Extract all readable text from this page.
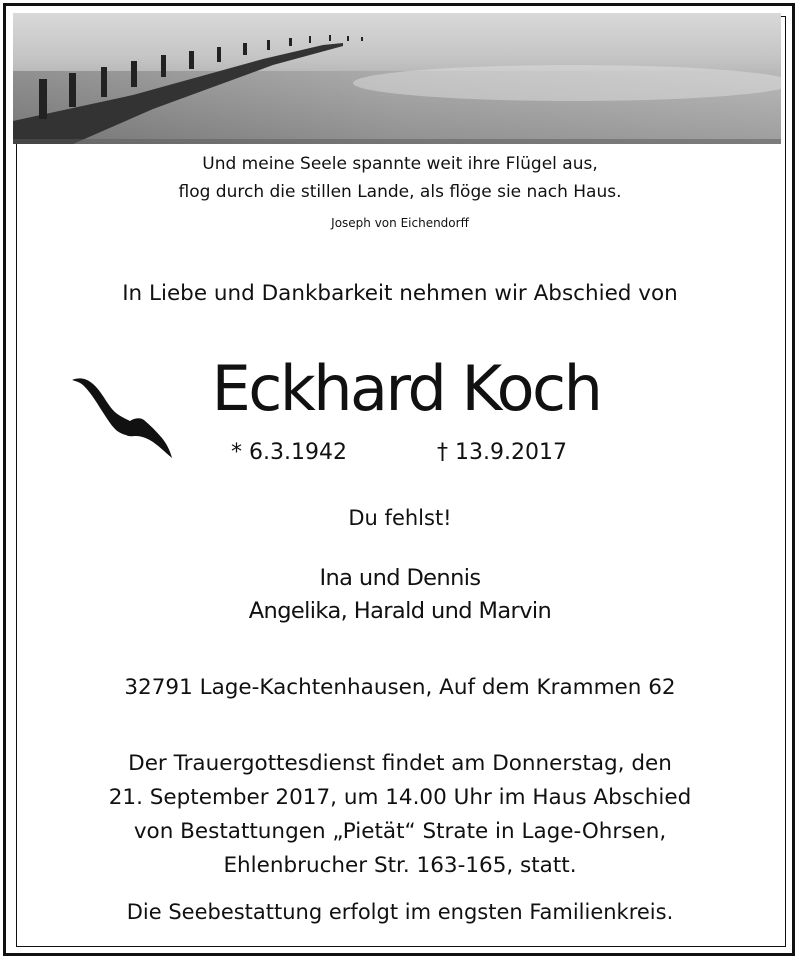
Und meine Seele spannte weit ihre Flügel aus,
flog durch die stillen Lande, als flöge sie nach Haus.
Joseph von Eichendorff
In Liebe und Dankbarkeit nehmen wir Abschied von
Eckhard Koch
* 6.3.1942	† 13.9.2017
Du fehlst!
Ina und Dennis
Angelika, Harald und Marvin
32791 Lage-Kachtenhausen, Auf dem Krammen 62
Der Trauergottesdienst findet am Donnerstag, den
21. September 2017, um 14.00 Uhr im Haus Abschied
von Bestattungen „Pietät“ Strate in Lage-Ohrsen,
Ehlenbrucher Str. 163-165, statt.
Die Seebestattung erfolgt im engsten Familienkreis.
